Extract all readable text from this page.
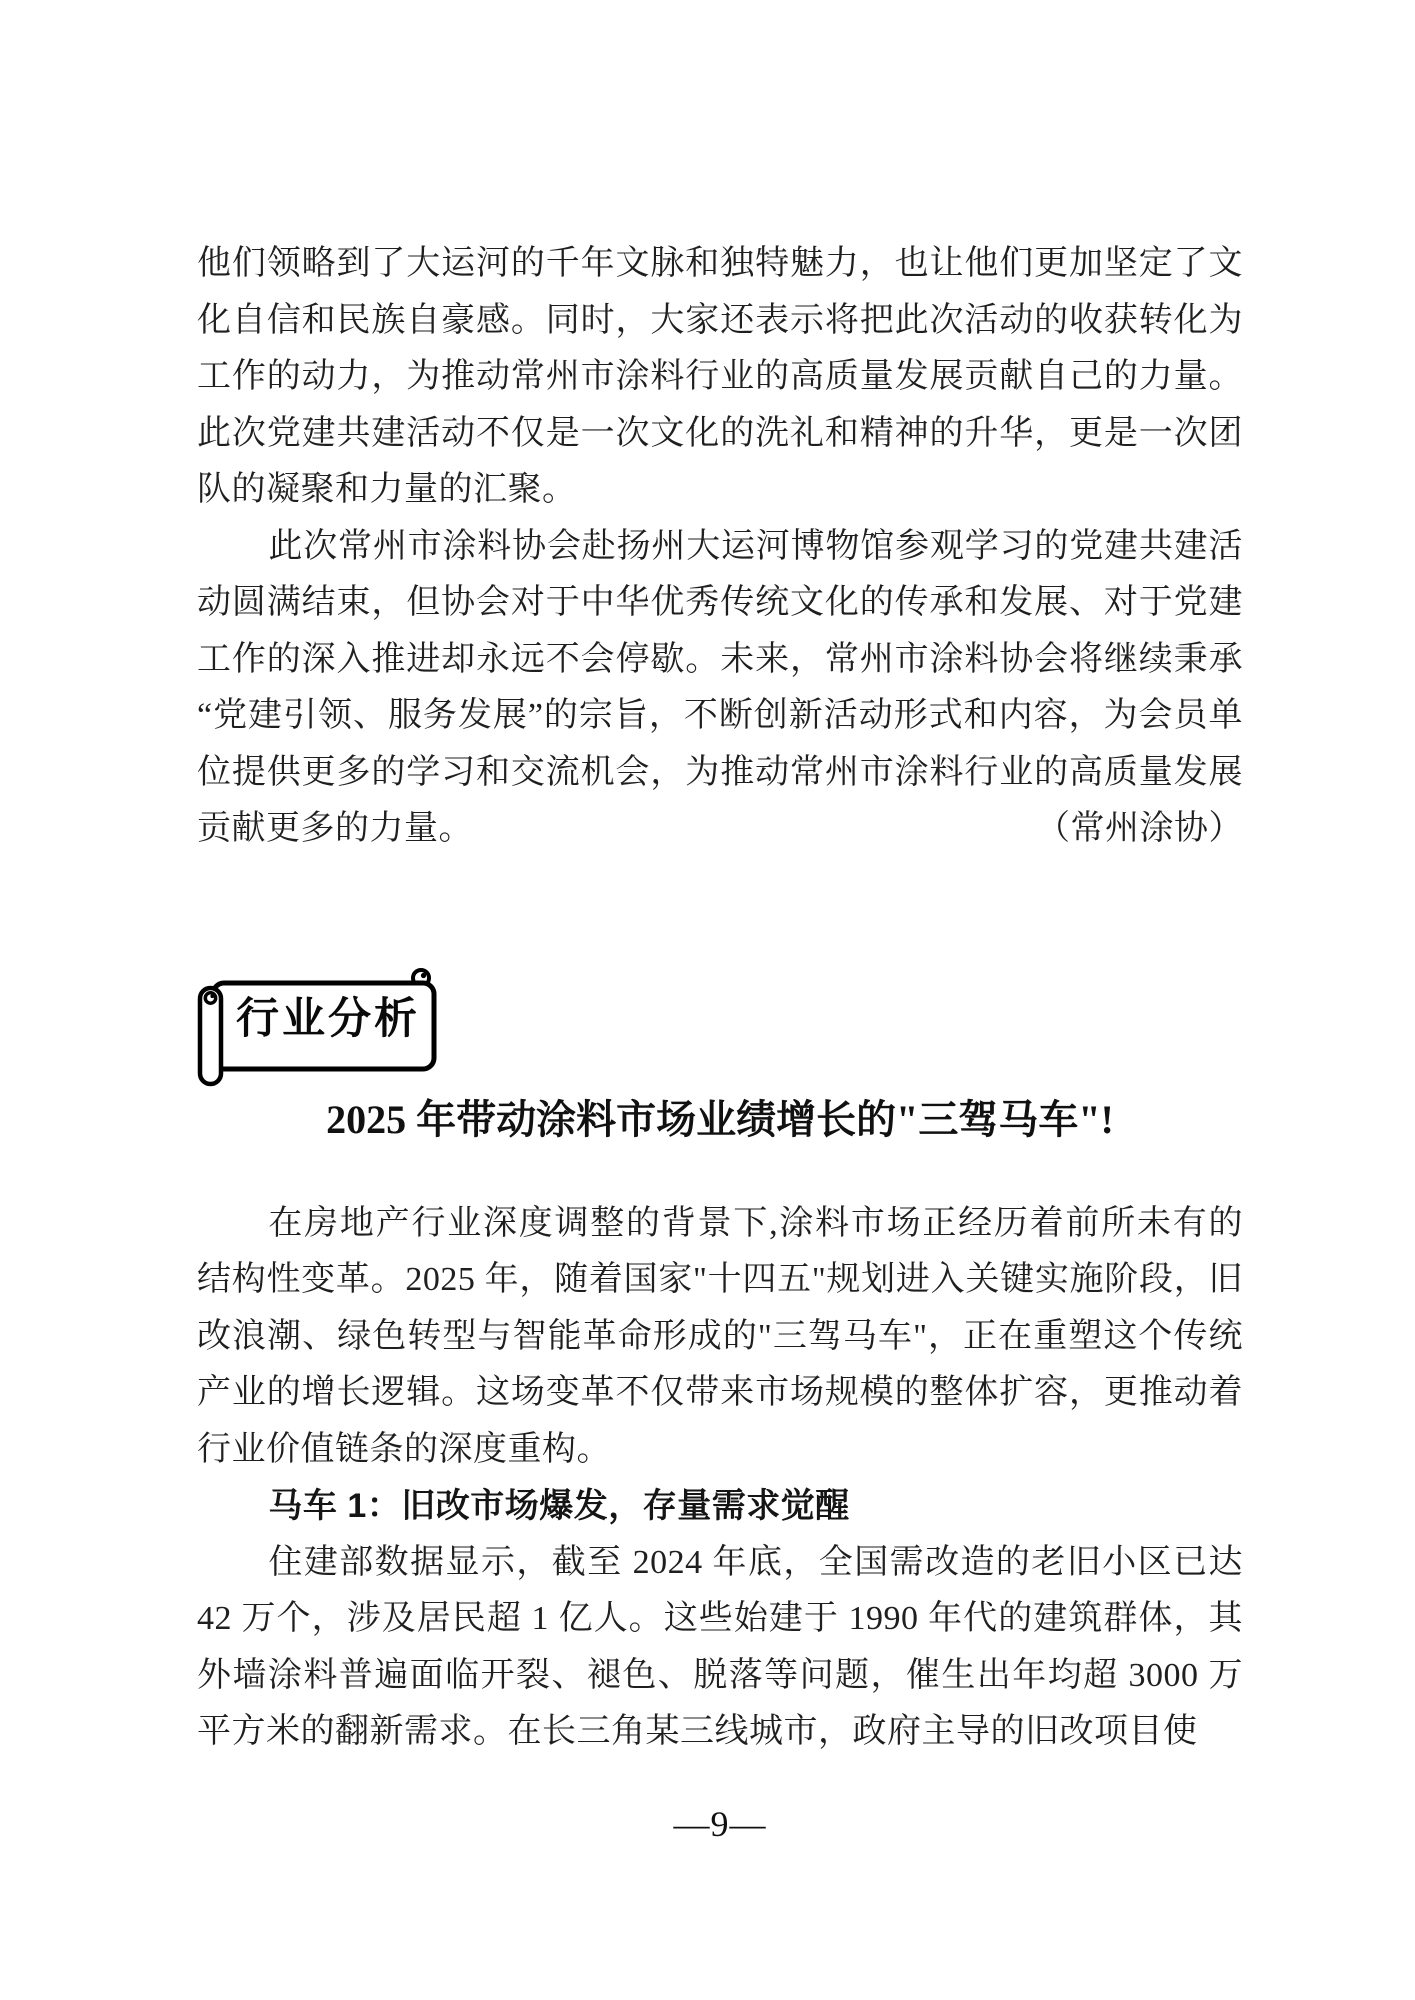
他们领略到了大运河的千年文脉和独特魅力，也让他们更加坚定了文化自信和民族自豪感。同时，大家还表示将把此次活动的收获转化为工作的动力，为推动常州市涂料行业的高质量发展贡献自己的力量。此次党建共建活动不仅是一次文化的洗礼和精神的升华，更是一次团队的凝聚和力量的汇聚。

此次常州市涂料协会赴扬州大运河博物馆参观学习的党建共建活动圆满结束，但协会对于中华优秀传统文化的传承和发展、对于党建工作的深入推进却永远不会停歇。未来，常州市涂料协会将继续秉承“党建引领、服务发展”的宗旨，不断创新活动形式和内容，为会员单位提供更多的学习和交流机会，为推动常州市涂料行业的高质量发展贡献更多的力量。	（常州涂协）

行业分析
2025 年带动涂料市场业绩增长的"三驾马车"!

在房地产行业深度调整的背景下,涂料市场正经历着前所未有的结构性变革。2025 年，随着国家"十四五"规划进入关键实施阶段，旧改浪潮、绿色转型与智能革命形成的"三驾马车"，正在重塑这个传统产业的增长逻辑。这场变革不仅带来市场规模的整体扩容，更推动着行业价值链条的深度重构。

马车 1：旧改市场爆发，存量需求觉醒

住建部数据显示，截至 2024 年底，全国需改造的老旧小区已达 42 万个，涉及居民超 1 亿人。这些始建于 1990 年代的建筑群体，其外墙涂料普遍面临开裂、褪色、脱落等问题，催生出年均超 3000 万平方米的翻新需求。在长三角某三线城市，政府主导的旧改项目使

—9—
